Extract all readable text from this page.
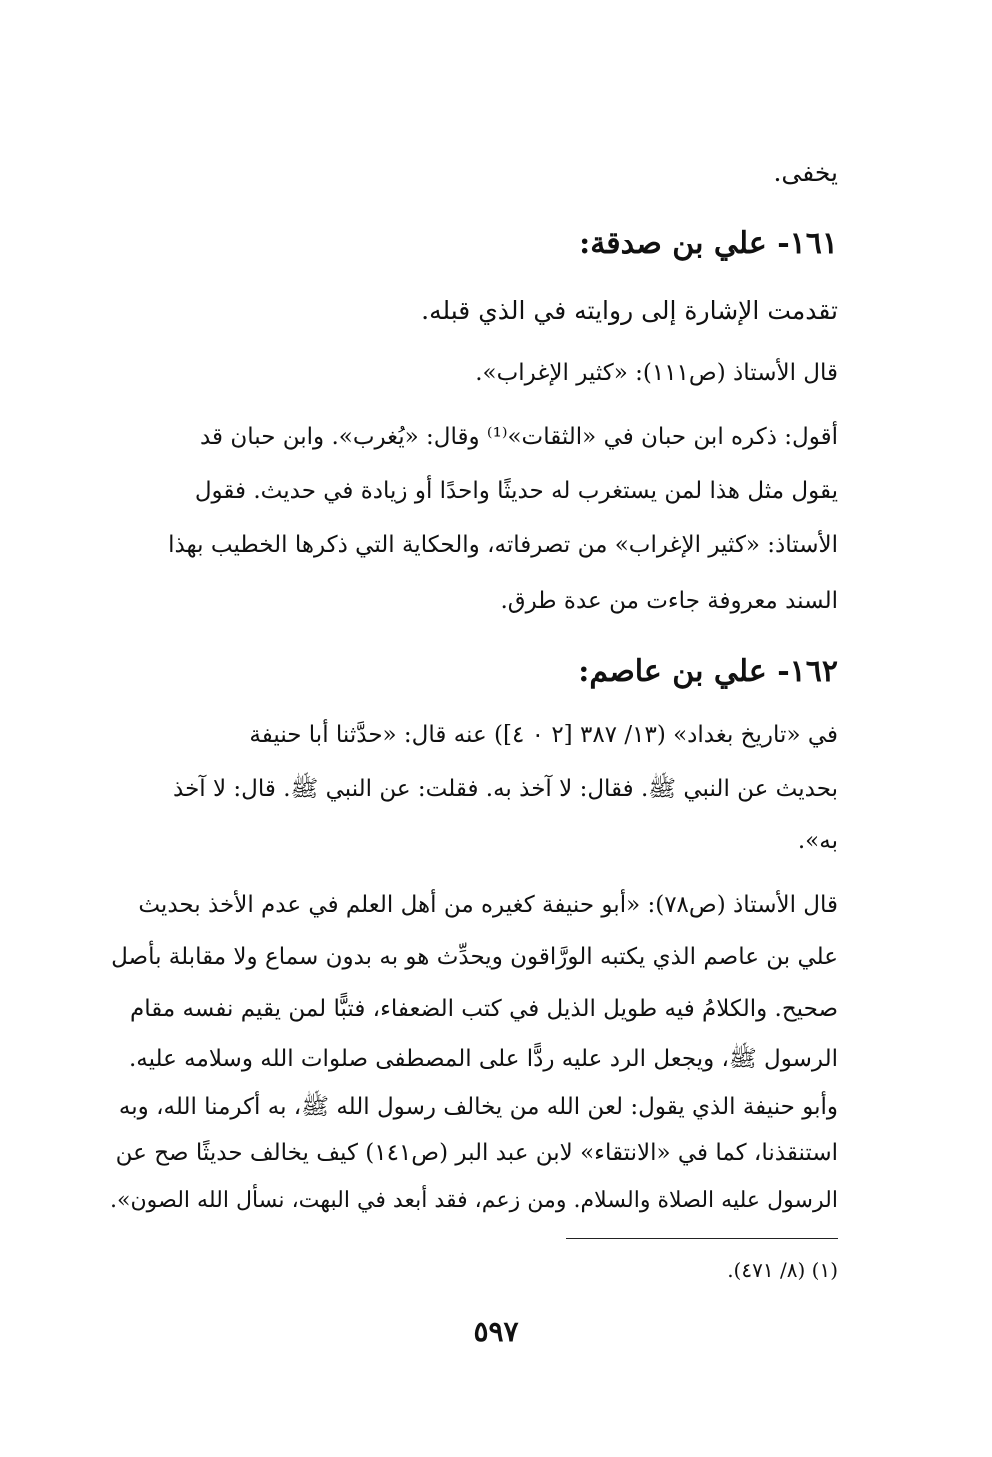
يخفى.
١٦١- علي بن صدقة:
تقدمت الإشارة إلى روايته في الذي قبله.
قال الأستاذ (ص١١١): «كثير الإغراب».
أقول: ذكره ابن حبان في «الثقات»⁽¹⁾ وقال: «يُغرب». وابن حبان قد
يقول مثل هذا لمن يستغرب له حديثًا واحدًا أو زيادة في حديث. فقول
الأستاذ: «كثير الإغراب» من تصرفاته، والحكاية التي ذكرها الخطيب بهذا
السند معروفة جاءت من عدة طرق.
١٦٢- علي بن عاصم:
في «تاريخ بغداد» (١٣/ ٣٨٧ [٢ ٠ ٤]) عنه قال: «حدَّثنا أبا حنيفة
بحديث عن النبي ﷺ. فقال: لا آخذ به. فقلت: عن النبي ﷺ. قال: لا آخذ
به».
قال الأستاذ (ص٧٨): «أبو حنيفة كغيره من أهل العلم في عدم الأخذ بحديث
علي بن عاصم الذي يكتبه الورَّاقون ويحدِّث هو به بدون سماع ولا مقابلة بأصل
صحيح. والكلامُ فيه طويل الذيل في كتب الضعفاء، فتبًّا لمن يقيم نفسه مقام
الرسول ﷺ، ويجعل الرد عليه ردًّا على المصطفى صلوات الله وسلامه عليه.
وأبو حنيفة الذي يقول: لعن الله من يخالف رسول الله ﷺ، به أكرمنا الله، وبه
استنقذنا، كما في «الانتقاء» لابن عبد البر (ص١٤١) كيف يخالف حديثًا صح عن
الرسول عليه الصلاة والسلام. ومن زعم، فقد أبعد في البهت، نسأل الله الصون».
(١) (٨/ ٤٧١).
٥٩٧
